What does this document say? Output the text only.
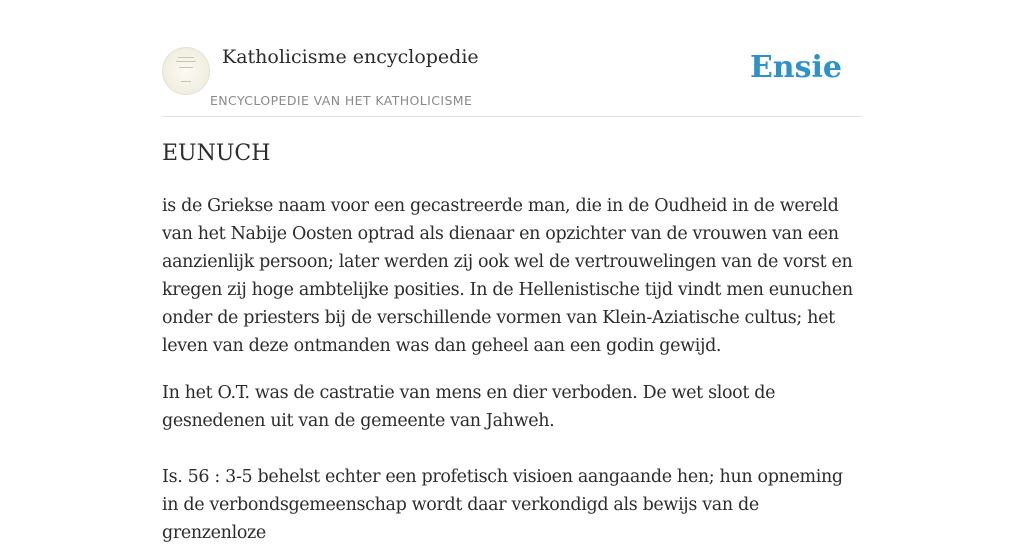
Katholicisme encyclopedie
ENCYCLOPEDIE VAN HET KATHOLICISME
Ensie
EUNUCH

is de Griekse naam voor een gecastreerde man, die in de Oudheid in de wereld van het Nabije Oosten optrad als dienaar en opzichter van de vrouwen van een aanzienlijk persoon; later werden zij ook wel de vertrouwelingen van de vorst en kregen zij hoge ambtelijke posities. In de Hellenistische tijd vindt men eunuchen onder de priesters bij de verschillende vormen van Klein-Aziatische cultus; het leven van deze ontmanden was dan geheel aan een godin gewijd.

In het O.T. was de castratie van mens en dier verboden. De wet sloot de gesnedenen uit van de gemeente van Jahweh.

Is. 56 : 3-5 behelst echter een profetisch visioen aangaande hen; hun opneming in de verbondsgemeenschap wordt daar verkondigd als bewijs van de grenzenloze
